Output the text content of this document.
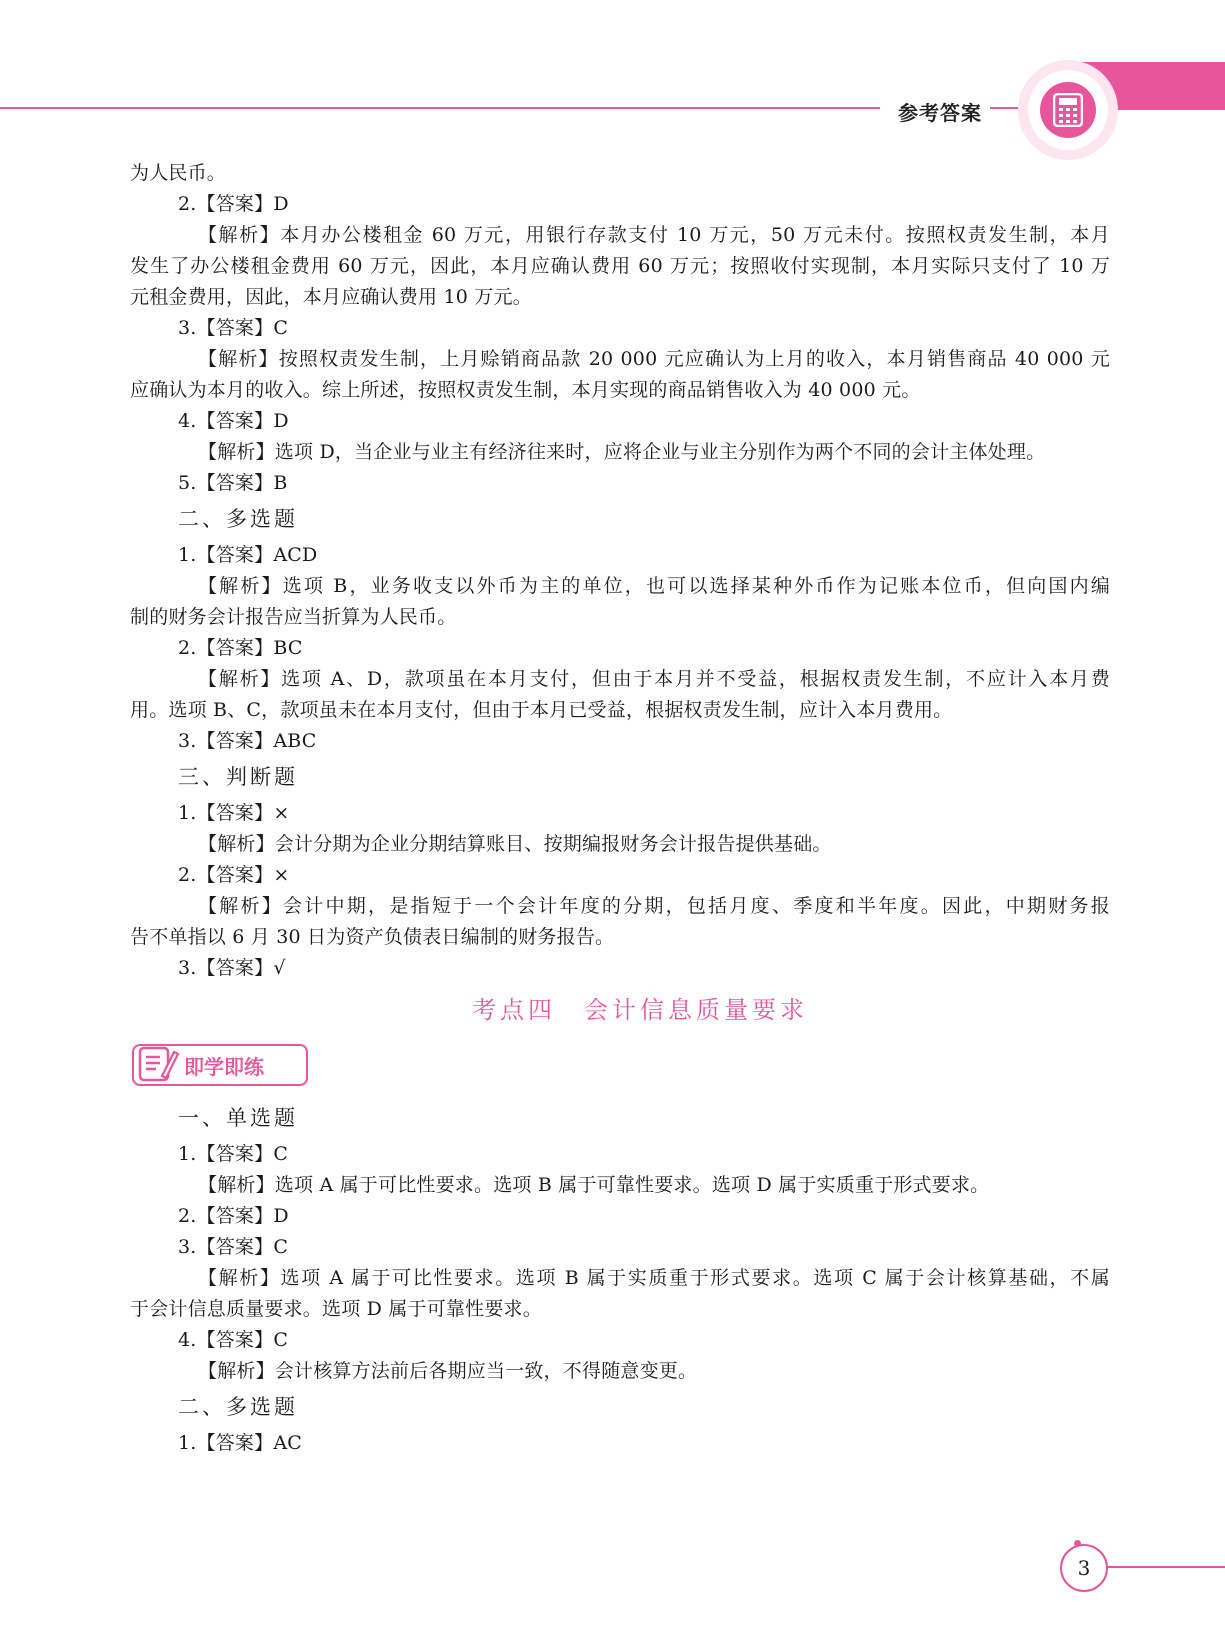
参考答案
为人民币。
2.【答案】D
【解析】本月办公楼租金 60 万元，用银行存款支付 10 万元，50 万元未付。按照权责发生制，本月
发生了办公楼租金费用 60 万元，因此，本月应确认费用 60 万元；按照收付实现制，本月实际只支付了 10 万
元租金费用，因此，本月应确认费用 10 万元。
3.【答案】C
【解析】按照权责发生制，上月赊销商品款 20 000 元应确认为上月的收入，本月销售商品 40 000 元
应确认为本月的收入。综上所述，按照权责发生制，本月实现的商品销售收入为 40 000 元。
4.【答案】D
【解析】选项 D，当企业与业主有经济往来时，应将企业与业主分别作为两个不同的会计主体处理。
5.【答案】B
二、多选题
1.【答案】ACD
【解析】选项 B，业务收支以外币为主的单位，也可以选择某种外币作为记账本位币，但向国内编
制的财务会计报告应当折算为人民币。
2.【答案】BC
【解析】选项 A、D，款项虽在本月支付，但由于本月并不受益，根据权责发生制，不应计入本月费
用。选项 B、C，款项虽未在本月支付，但由于本月已受益，根据权责发生制，应计入本月费用。
3.【答案】ABC
三、判断题
1.【答案】×
【解析】会计分期为企业分期结算账目、按期编报财务会计报告提供基础。
2.【答案】×
【解析】会计中期，是指短于一个会计年度的分期，包括月度、季度和半年度。因此，中期财务报
告不单指以 6 月 30 日为资产负债表日编制的财务报告。
3.【答案】√
考点四　会计信息质量要求
即学即练
一、单选题
1.【答案】C
【解析】选项 A 属于可比性要求。选项 B 属于可靠性要求。选项 D 属于实质重于形式要求。
2.【答案】D
3.【答案】C
【解析】选项 A 属于可比性要求。选项 B 属于实质重于形式要求。选项 C 属于会计核算基础，不属
于会计信息质量要求。选项 D 属于可靠性要求。
4.【答案】C
【解析】会计核算方法前后各期应当一致，不得随意变更。
二、多选题
1.【答案】AC
3
